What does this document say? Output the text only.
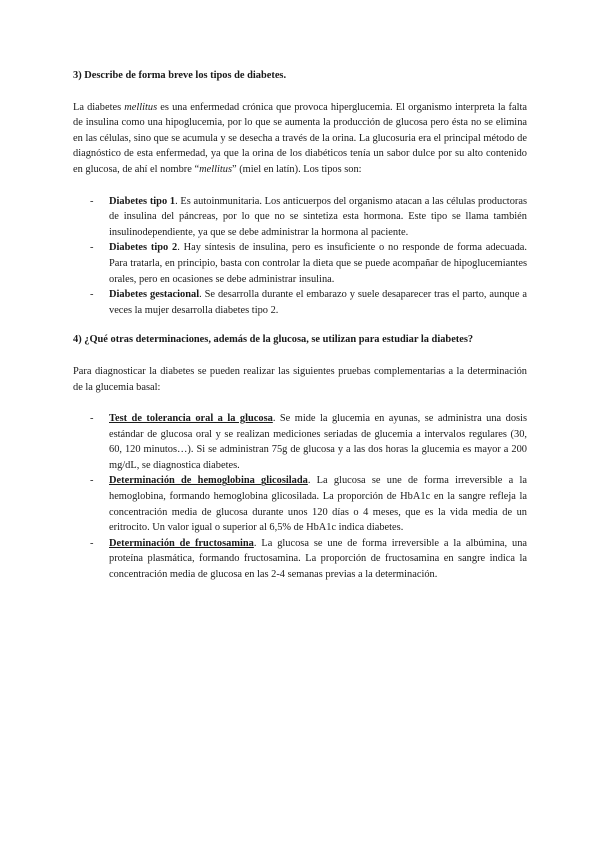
3) Describe de forma breve los tipos de diabetes.

La diabetes mellitus es una enfermedad crónica que provoca hiperglucemia. El organismo interpreta la falta de insulina como una hipoglucemia, por lo que se aumenta la producción de glucosa pero ésta no se elimina en las células, sino que se acumula y se desecha a través de la orina. La glucosuria era el principal método de diagnóstico de esta enfermedad, ya que la orina de los diabéticos tenía un sabor dulce por su alto contenido en glucosa, de ahí el nombre “mellitus” (miel en latín). Los tipos son:

- Diabetes tipo 1. Es autoinmunitaria. Los anticuerpos del organismo atacan a las células productoras de insulina del páncreas, por lo que no se sintetiza esta hormona. Este tipo se llama también insulinodependiente, ya que se debe administrar la hormona al paciente.
- Diabetes tipo 2. Hay síntesis de insulina, pero es insuficiente o no responde de forma adecuada. Para tratarla, en principio, basta con controlar la dieta que se puede acompañar de hipoglucemiantes orales, pero en ocasiones se debe administrar insulina.
- Diabetes gestacional. Se desarrolla durante el embarazo y suele desaparecer tras el parto, aunque a veces la mujer desarrolla diabetes tipo 2.

4) ¿Qué otras determinaciones, además de la glucosa, se utilizan para estudiar la diabetes?

Para diagnosticar la diabetes se pueden realizar las siguientes pruebas complementarias a la determinación de la glucemia basal:

- Test de tolerancia oral a la glucosa. Se mide la glucemia en ayunas, se administra una dosis estándar de glucosa oral y se realizan mediciones seriadas de glucemia a intervalos regulares (30, 60, 120 minutos…). Si se administran 75g de glucosa y a las dos horas la glucemia es mayor a 200 mg/dL, se diagnostica diabetes.
- Determinación de hemoglobina glicosilada. La glucosa se une de forma irreversible a la hemoglobina, formando hemoglobina glicosilada. La proporción de HbA1c en la sangre refleja la concentración media de glucosa durante unos 120 días o 4 meses, que es la vida media de un eritrocito. Un valor igual o superior al 6,5% de HbA1c indica diabetes.
- Determinación de fructosamina. La glucosa se une de forma irreversible a la albúmina, una proteína plasmática, formando fructosamina. La proporción de fructosamina en sangre indica la concentración media de glucosa en las 2-4 semanas previas a la determinación.
